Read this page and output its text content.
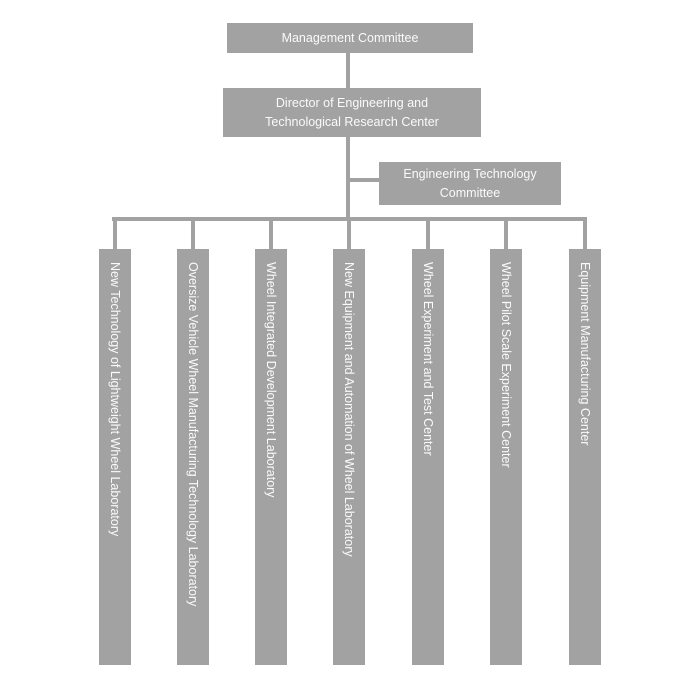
Management Committee
Director of Engineering and Technological Research Center
Engineering Technology Committee
New Technology of Lightweight Wheel Laboratory	Oversize Vehicle Wheel Manufacturing Technology Laboratory	Wheel Integrated Development Laboratory	New Equipment and Automation of Wheel Laboratory	Wheel Experiment and Test Center	Wheel Pilot Scale Experiment Center	Equipment Manufacturing Center
